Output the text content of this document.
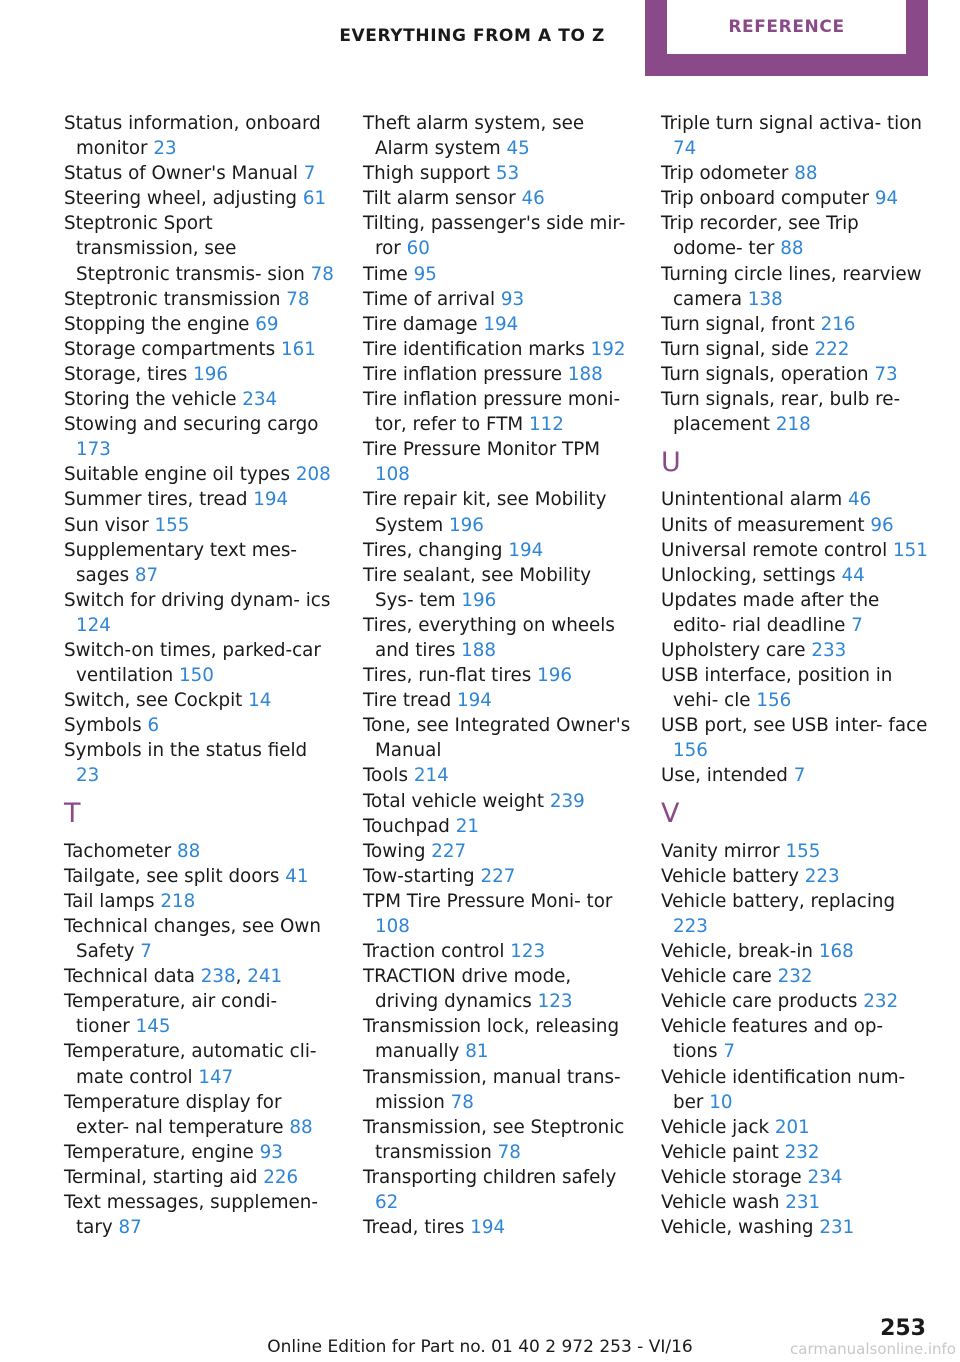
EVERYTHING FROM A TO Z	REFERENCE
Status information, onboard monitor 23
Status of Owner's Manual 7
Steering wheel, adjusting 61
Steptronic Sport transmission, see Steptronic transmis- sion 78
Steptronic transmission 78
Stopping the engine 69
Storage compartments 161
Storage, tires 196
Storing the vehicle 234
Stowing and securing cargo 173
Suitable engine oil types 208
Summer tires, tread 194
Sun visor 155
Supplementary text mes- sages 87
Switch for driving dynam- ics 124
Switch-on times, parked-car ventilation 150
Switch, see Cockpit 14
Symbols 6
Symbols in the status field 23
T
Tachometer 88
Tailgate, see split doors 41
Tail lamps 218
Technical changes, see Own Safety 7
Technical data 238, 241
Temperature, air condi- tioner 145
Temperature, automatic cli- mate control 147
Temperature display for exter- nal temperature 88
Temperature, engine 93
Terminal, starting aid 226
Text messages, supplemen- tary 87
Theft alarm system, see Alarm system 45
Thigh support 53
Tilt alarm sensor 46
Tilting, passenger's side mir- ror 60
Time 95
Time of arrival 93
Tire damage 194
Tire identification marks 192
Tire inflation pressure 188
Tire inflation pressure moni- tor, refer to FTM 112
Tire Pressure Monitor TPM 108
Tire repair kit, see Mobility System 196
Tires, changing 194
Tire sealant, see Mobility Sys- tem 196
Tires, everything on wheels and tires 188
Tires, run-flat tires 196
Tire tread 194
Tone, see Integrated Owner's Manual
Tools 214
Total vehicle weight 239
Touchpad 21
Towing 227
Tow-starting 227
TPM Tire Pressure Moni- tor 108
Traction control 123
TRACTION drive mode, driving dynamics 123
Transmission lock, releasing manually 81
Transmission, manual trans- mission 78
Transmission, see Steptronic transmission 78
Transporting children safely 62
Tread, tires 194
Triple turn signal activa- tion 74
Trip odometer 88
Trip onboard computer 94
Trip recorder, see Trip odome- ter 88
Turning circle lines, rearview camera 138
Turn signal, front 216
Turn signal, side 222
Turn signals, operation 73
Turn signals, rear, bulb re- placement 218
U
Unintentional alarm 46
Units of measurement 96
Universal remote control 151
Unlocking, settings 44
Updates made after the edito- rial deadline 7
Upholstery care 233
USB interface, position in vehi- cle 156
USB port, see USB inter- face 156
Use, intended 7
V
Vanity mirror 155
Vehicle battery 223
Vehicle battery, replacing 223
Vehicle, break-in 168
Vehicle care 232
Vehicle care products 232
Vehicle features and op- tions 7
Vehicle identification num- ber 10
Vehicle jack 201
Vehicle paint 232
Vehicle storage 234
Vehicle wash 231
Vehicle, washing 231
253
Online Edition for Part no. 01 40 2 972 253 - VI/16	carmanualsonline.info
